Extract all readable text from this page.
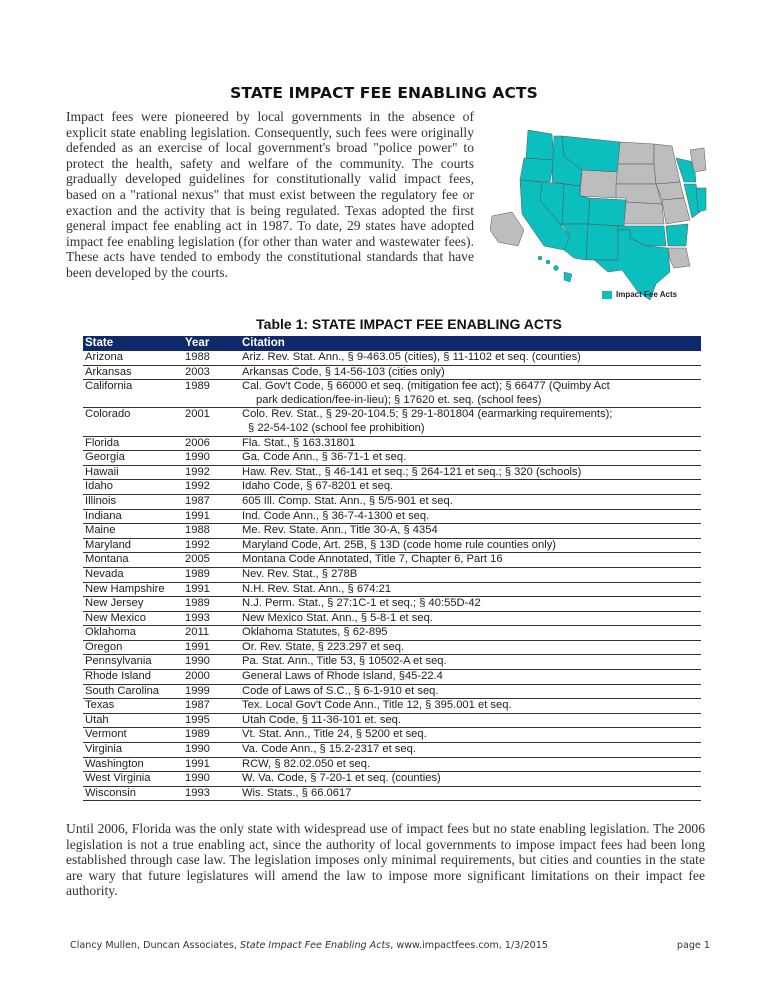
STATE IMPACT FEE ENABLING ACTS

Impact fees were pioneered by local governments in the absence of explicit state enabling legislation. Consequently, such fees were originally defended as an exercise of local government's broad "police power" to protect the health, safety and welfare of the community. The courts gradually developed guidelines for constitutionally valid impact fees, based on a "rational nexus" that must exist between the regulatory fee or exaction and the activity that is being regulated. Texas adopted the first general impact fee enabling act in 1987. To date, 29 states have adopted impact fee enabling legislation (for other than water and wastewater fees). These acts have tended to embody the constitutional standards that have been developed by the courts.

Impact Fee Acts
Table 1: STATE IMPACT FEE ENABLING ACTS
State	Year	Citation
Arizona	1988	Ariz. Rev. Stat. Ann., § 9-463.05 (cities), § 11-1102 et seq. (counties)
Arkansas	2003	Arkansas Code, § 14-56-103 (cities only)
California	1989	Cal. Gov't Code, § 66000 et seq. (mitigation fee act); § 66477 (Quimby Act
park dedication/fee-in-lieu); § 17620 et. seq. (school fees)

Colorado	2001	Colo. Rev. Stat., § 29-20-104.5; § 29-1-801804 (earmarking requirements);
§ 22-54-102 (school fee prohibition)

Florida	2006	Fla. Stat., § 163.31801
Georgia	1990	Ga. Code Ann., § 36-71-1 et seq.
Hawaii	1992	Haw. Rev. Stat., § 46-141 et seq.; § 264-121 et seq.; § 320 (schools)
Idaho	1992	Idaho Code, § 67-8201 et seq.
Illinois	1987	605 Ill. Comp. Stat. Ann., § 5/5-901 et seq.
Indiana	1991	Ind. Code Ann., § 36-7-4-1300 et seq.
Maine	1988	Me. Rev. State. Ann., Title 30-A, § 4354
Maryland	1992	Maryland Code, Art. 25B, § 13D (code home rule counties only)
Montana	2005	Montana Code Annotated, Title 7, Chapter 6, Part 16
Nevada	1989	Nev. Rev. Stat., § 278B
New Hampshire	1991	N.H. Rev. Stat. Ann., § 674:21
New Jersey	1989	N.J. Perm. Stat., § 27:1C-1 et seq.; § 40:55D-42
New Mexico	1993	New Mexico Stat. Ann., § 5-8-1 et seq.
Oklahoma	2011	Oklahoma Statutes, § 62-895
Oregon	1991	Or. Rev. State, § 223.297 et seq.
Pennsylvania	1990	Pa. Stat. Ann., Title 53, § 10502-A et seq.
Rhode Island	2000	General Laws of Rhode Island, §45-22.4
South Carolina	1999	Code of Laws of S.C., § 6-1-910 et seq.
Texas	1987	Tex. Local Gov't Code Ann., Title 12, § 395.001 et seq.
Utah	1995	Utah Code, § 11-36-101 et. seq.
Vermont	1989	Vt. Stat. Ann., Title 24, § 5200 et seq.
Virginia	1990	Va. Code Ann., § 15.2-2317 et seq.
Washington	1991	RCW, § 82.02.050 et seq.
West Virginia	1990	W. Va. Code, § 7-20-1 et seq. (counties)
Wisconsin	1993	Wis. Stats., § 66.0617

Until 2006, Florida was the only state with widespread use of impact fees but no state enabling legislation. The 2006 legislation is not a true enabling act, since the authority of local governments to impose impact fees had been long established through case law. The legislation imposes only minimal requirements, but cities and counties in the state are wary that future legislatures will amend the law to impose more significant limitations on their impact fee authority.

Clancy Mullen, Duncan Associates, State Impact Fee Enabling Acts, www.impactfees.com, 1/3/2015	page 1
